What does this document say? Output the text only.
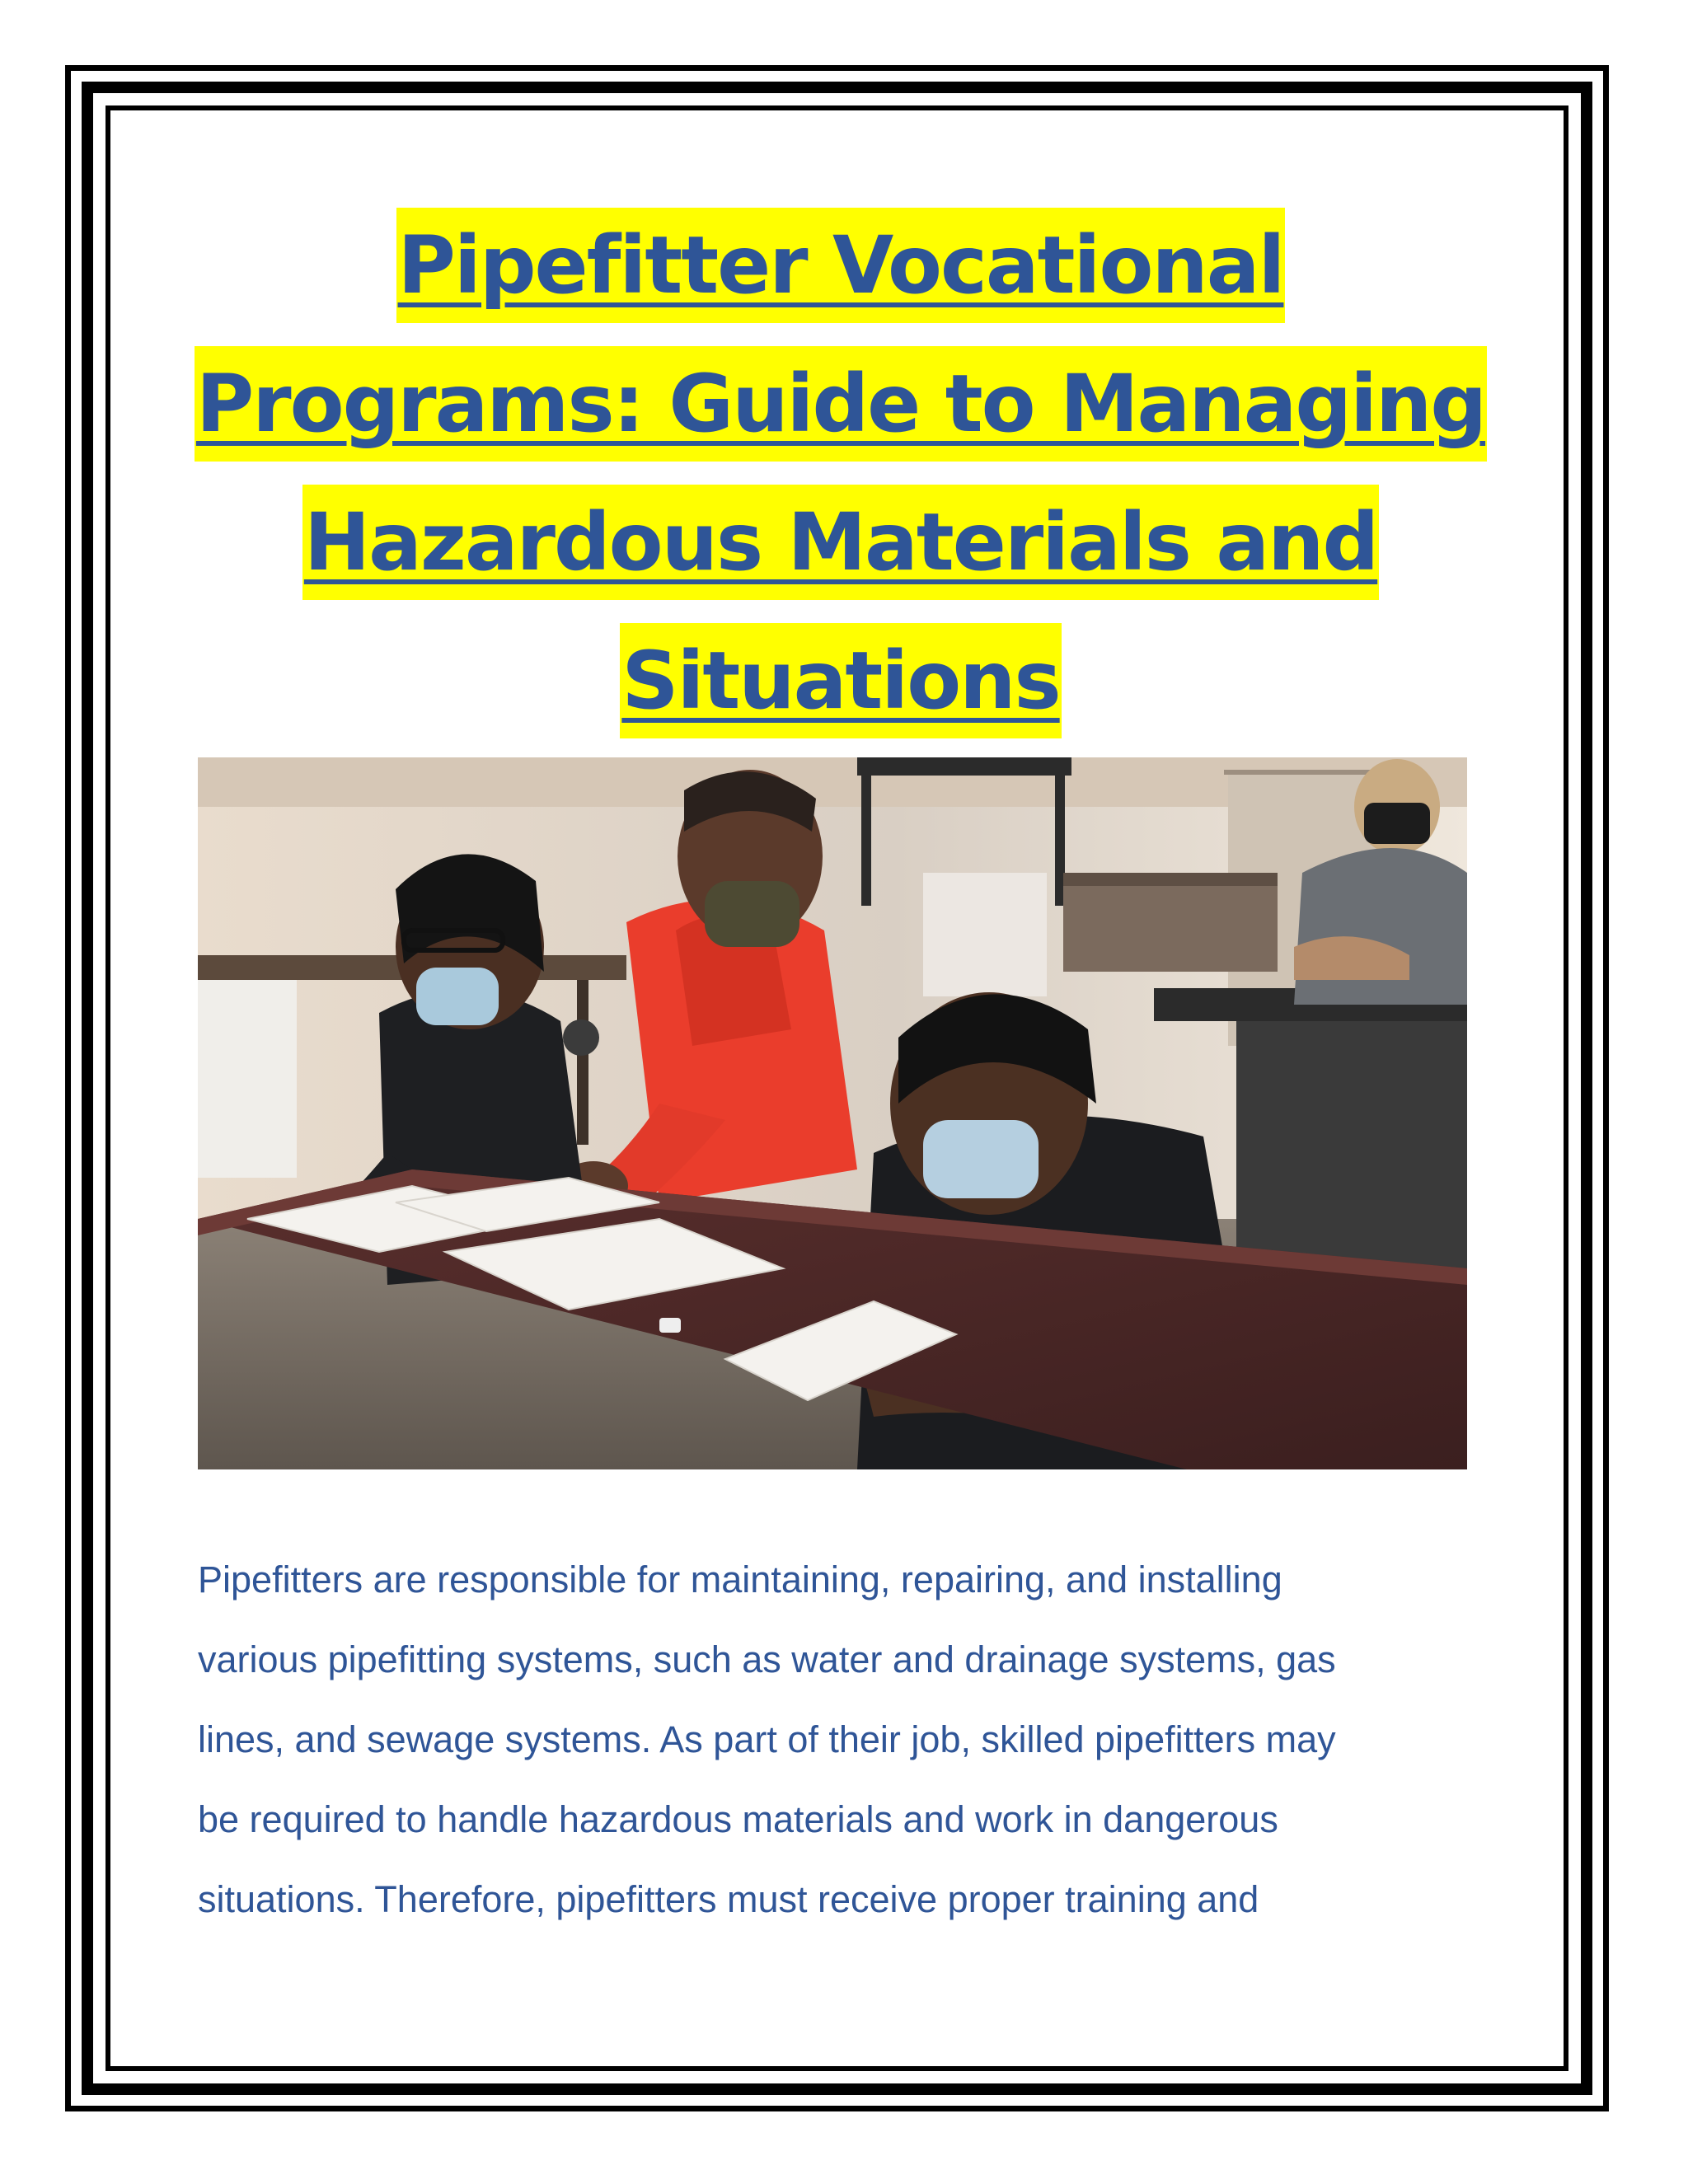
Pipefitter Vocational
Programs: Guide to Managing
Hazardous Materials and
Situations

Pipefitters are responsible for maintaining, repairing, and installing
various pipefitting systems, such as water and drainage systems, gas
lines, and sewage systems. As part of their job, skilled pipefitters may
be required to handle hazardous materials and work in dangerous
situations. Therefore, pipefitters must receive proper training and
